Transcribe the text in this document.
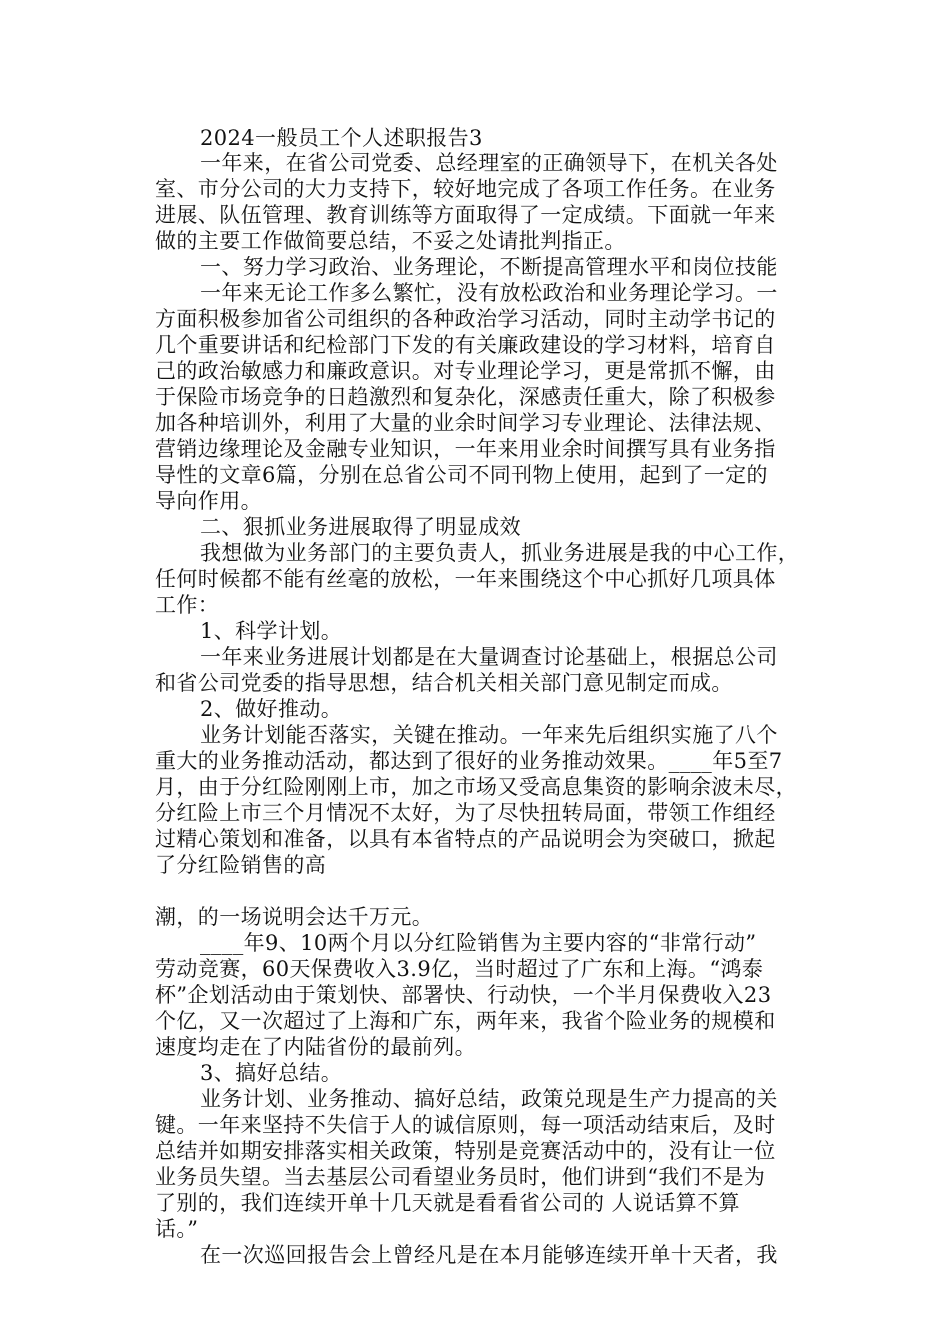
2024一般员工个人述职报告3
一年来，在省公司党委、总经理室的正确领导下，在机关各处
室、市分公司的大力支持下，较好地完成了各项工作任务。在业务
进展、队伍管理、教育训练等方面取得了一定成绩。下面就一年来
做的主要工作做简要总结，不妥之处请批判指正。
一、努力学习政治、业务理论，不断提高管理水平和岗位技能
一年来无论工作多么繁忙，没有放松政治和业务理论学习。一
方面积极参加省公司组织的各种政治学习活动，同时主动学书记的
几个重要讲话和纪检部门下发的有关廉政建设的学习材料，培育自
己的政治敏感力和廉政意识。对专业理论学习，更是常抓不懈，由
于保险市场竞争的日趋激烈和复杂化，深感责任重大，除了积极参
加各种培训外，利用了大量的业余时间学习专业理论、法律法规、
营销边缘理论及金融专业知识，一年来用业余时间撰写具有业务指
导性的文章6篇，分别在总省公司不同刊物上使用，起到了一定的
导向作用。
二、狠抓业务进展取得了明显成效
我想做为业务部门的主要负责人，抓业务进展是我的中心工作，
任何时候都不能有丝毫的放松，一年来围绕这个中心抓好几项具体
工作：
1、科学计划。
一年来业务进展计划都是在大量调查讨论基础上，根据总公司
和省公司党委的指导思想，结合机关相关部门意见制定而成。
2、做好推动。
业务计划能否落实，关键在推动。一年来先后组织实施了八个
重大的业务推动活动，都达到了很好的业务推动效果。____年5至7
月，由于分红险刚刚上市，加之市场又受高息集资的影响余波未尽，
分红险上市三个月情况不太好，为了尽快扭转局面，带领工作组经
过精心策划和准备，以具有本省特点的产品说明会为突破口，掀起
了分红险销售的高
潮，的一场说明会达千万元。
____年9、10两个月以分红险销售为主要内容的“非常行动”
劳动竞赛，60天保费收入3.9亿，当时超过了广东和上海。“鸿泰
杯”企划活动由于策划快、部署快、行动快，一个半月保费收入23
个亿，又一次超过了上海和广东，两年来，我省个险业务的规模和
速度均走在了内陆省份的最前列。
3、搞好总结。
业务计划、业务推动、搞好总结，政策兑现是生产力提高的关
键。一年来坚持不失信于人的诚信原则，每一项活动结束后，及时
总结并如期安排落实相关政策，特别是竞赛活动中的，没有让一位
业务员失望。当去基层公司看望业务员时，他们讲到“我们不是为
了别的，我们连续开单十几天就是看看省公司的 人说话算不算
话。”
在一次巡回报告会上曾经凡是在本月能够连续开单十天者，我
